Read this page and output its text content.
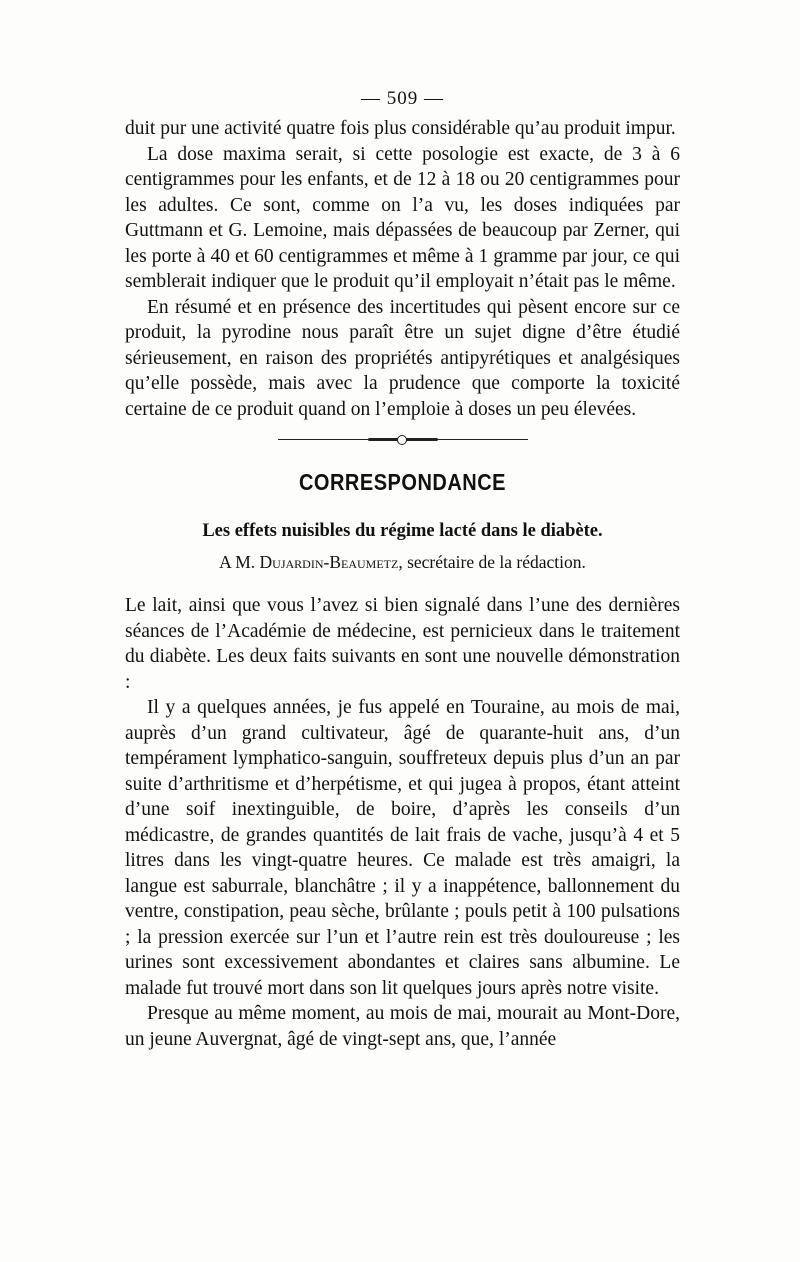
— 509 —

duit pur une activité quatre fois plus considérable qu’au produit impur.

La dose maxima serait, si cette posologie est exacte, de 3 à 6 centigrammes pour les enfants, et de 12 à 18 ou 20 centigrammes pour les adultes. Ce sont, comme on l’a vu, les doses indiquées par Guttmann et G. Lemoine, mais dépassées de beaucoup par Zerner, qui les porte à 40 et 60 centigrammes et même à 1 gramme par jour, ce qui semblerait indiquer que le produit qu’il employait n’était pas le même.

En résumé et en présence des incertitudes qui pèsent encore sur ce produit, la pyrodine nous paraît être un sujet digne d’être étudié sérieusement, en raison des propriétés antipyrétiques et analgésiques qu’elle possède, mais avec la prudence que comporte la toxicité certaine de ce produit quand on l’emploie à doses un peu élevées.

CORRESPONDANCE
Les effets nuisibles du régime lacté dans le diabète.
A M. Dujardin-Beaumetz, secrétaire de la rédaction.

Le lait, ainsi que vous l’avez si bien signalé dans l’une des dernières séances de l’Académie de médecine, est pernicieux dans le traitement du diabète. Les deux faits suivants en sont une nouvelle démonstration :

Il y a quelques années, je fus appelé en Touraine, au mois de mai, auprès d’un grand cultivateur, âgé de quarante-huit ans, d’un tempérament lymphatico-sanguin, souffreteux depuis plus d’un an par suite d’arthritisme et d’herpétisme, et qui jugea à propos, étant atteint d’une soif inextinguible, de boire, d’après les conseils d’un médicastre, de grandes quantités de lait frais de vache, jusqu’à 4 et 5 litres dans les vingt-quatre heures. Ce malade est très amaigri, la langue est saburrale, blanchâtre ; il y a inappétence, ballonnement du ventre, constipation, peau sèche, brûlante ; pouls petit à 100 pulsations ; la pression exercée sur l’un et l’autre rein est très douloureuse ; les urines sont excessivement abondantes et claires sans albumine. Le malade fut trouvé mort dans son lit quelques jours après notre visite.

Presque au même moment, au mois de mai, mourait au Mont-Dore, un jeune Auvergnat, âgé de vingt-sept ans, que, l’année
